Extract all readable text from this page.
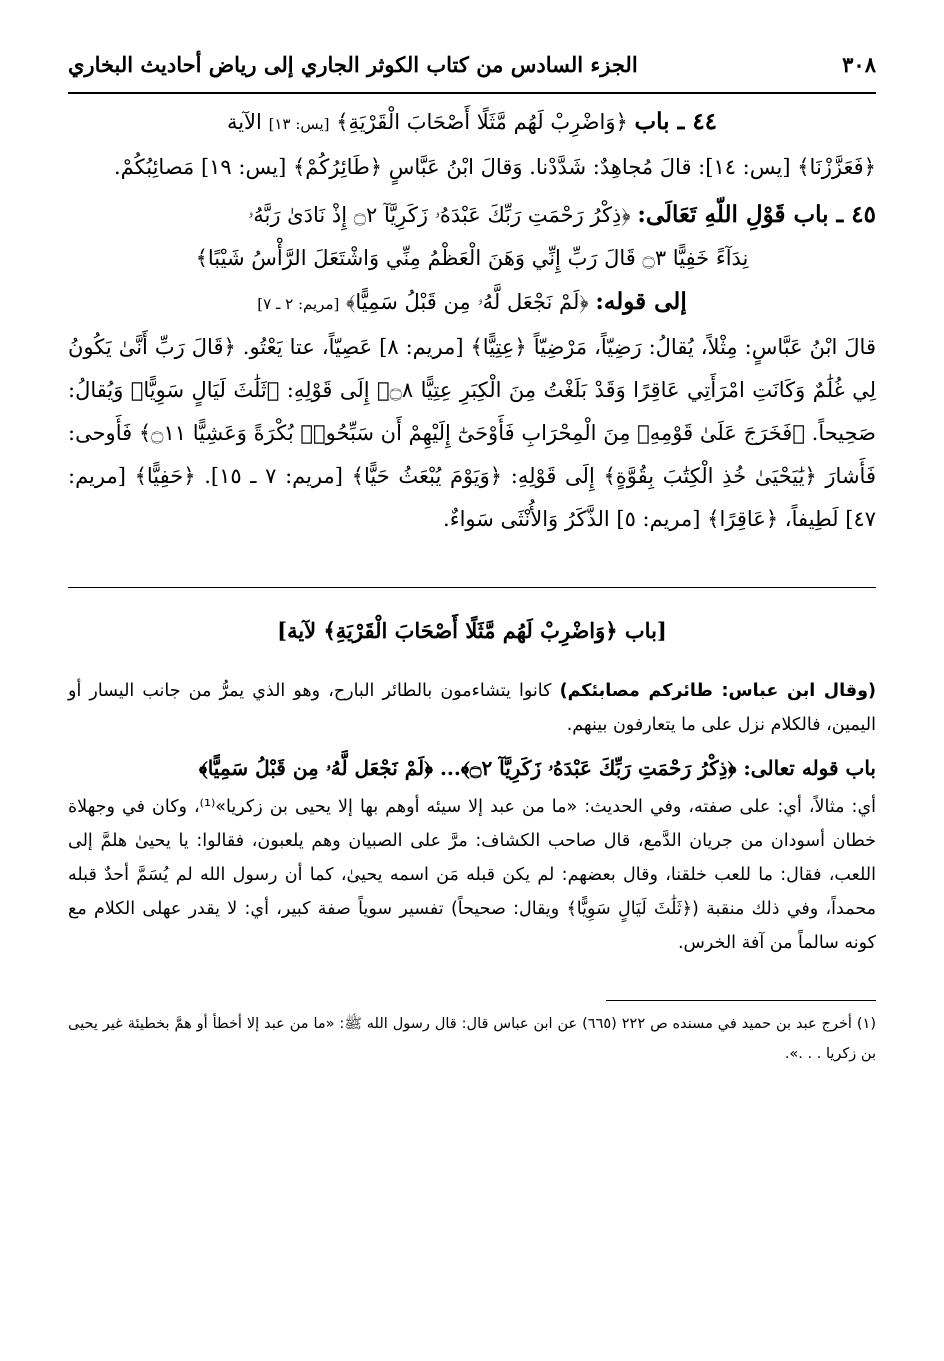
٣٠٨
الجزء السادس من كتاب الكوثر الجاري إلى رياض أحاديث البخاري

٤٤ ـ باب ﴿وَاضْرِبْ لَهُم مَّثَلًا أَصْحَابَ الْقَرْيَةِ﴾ [يس: ١٣] الآية

﴿فَعَزَّزْنَا﴾ [يس: ١٤]: قالَ مُجاهِدٌ: شَدَّدْنا. وَقالَ ابْنُ عَبَّاسٍ ﴿طَائِرُكُمْ﴾ [يس: ١٩] مَصائِبُكُمْ.

٤٥ ـ باب قَوْلِ اللّهِ تَعَالَى: ﴿ذِكْرُ رَحْمَتِ رَبِّكَ عَبْدَهُۥ زَكَرِيَّآ ۝٢ إِذْ نَادَىٰ رَبَّهُۥ

نِدَآءً خَفِيًّا ۝٣ قَالَ رَبِّ إِنِّي وَهَنَ الْعَظْمُ مِنِّي وَاشْتَعَلَ الرَّأْسُ شَيْبًا﴾

إلى قوله: ﴿لَمْ نَجْعَل لَّهُۥ مِن قَبْلُ سَمِيًّا﴾ [مريم: ٢ ـ ٧]

قالَ ابْنُ عَبَّاسٍ: مِثْلاً، يُقالُ: رَضِيّاً، مَرْضِيّاً ﴿عِتِيًّا﴾ [مريم: ٨] عَصِيّاً، عتا يَعْتُو. ﴿قَالَ رَبِّ أَنَّىٰ يَكُونُ لِي غُلَٰمٌ وَكَانَتِ امْرَأَتِي عَاقِرًا وَقَدْ بَلَغْتُ مِنَ الْكِبَرِ عِتِيًّا ۝٨﴾ إِلَى قَوْلِهِ: ﴿ثَلَٰثَ لَيَالٍ سَوِيًّا﴾ وَيُقالُ: صَحِيحاً. ﴿فَخَرَجَ عَلَىٰ قَوْمِهِۦ مِنَ الْمِحْرَابِ فَأَوْحَىٰٓ إِلَيْهِمْ أَن سَبِّحُوا۟ بُكْرَةً وَعَشِيًّا ۝١١﴾ فَأَوحى: فَأَشارَ ﴿يَٰيَحْيَىٰ خُذِ الْكِتَٰبَ بِقُوَّةٍ﴾ إِلَى قَوْلِهِ: ﴿وَيَوْمَ يُبْعَثُ حَيًّا﴾ [مريم: ٧ ـ ١٥]. ﴿حَفِيًّا﴾ [مريم: ٤٧] لَطِيفاً، ﴿عَاقِرًا﴾ [مريم: ٥] الذَّكَرُ وَالأُنْثَى سَواءٌ.

[باب ﴿وَاضْرِبْ لَهُم مَّثَلًا أَصْحَابَ الْقَرْيَةِ﴾ لآية]

(وقال ابن عباس: طائركم مصابئكم) كانوا يتشاءمون بالطائر البارح، وهو الذي يمرُّ من جانب اليسار أو اليمين، فالكلام نزل على ما يتعارفون بينهم.

باب قوله تعالى: ﴿ذِكْرُ رَحْمَتِ رَبِّكَ عَبْدَهُۥ زَكَرِيَّآ ۝٢﴾... ﴿لَمْ نَجْعَل لَّهُۥ مِن قَبْلُ سَمِيًّا﴾

أي: مثالاً، أي: على صفته، وفي الحديث: «ما من عبد إلا سيئه أوهم بها إلا يحيى بن زكريا»⁽¹⁾، وكان في وجهلاة خطان أسودان من جريان الدَّمع، قال صاحب الكشاف: مرَّ على الصبيان وهم يلعبون، فقالوا: يا يحيىٰ هلمَّ إلى اللعب، فقال: ما للعب خلقنا، وقال بعضهم: لم يكن قبله مَن اسمه يحيىٰ، كما أن رسول الله لم يُسَمَّ أحدٌ قبله محمداً، وفي ذلك منقبة (﴿ثَلَٰثَ لَيَالٍ سَوِيًّا﴾ ويقال: صحيحاً) تفسير سوياً صفة كبير، أي: لا يقدر عهلى الكلام مع كونه سالماً من آفة الخرس.

(١) أخرج عبد بن حميد في مسنده ص ٢٢٢ (٦٦٥) عن ابن عباس قال: قال رسول الله ﷺ: «ما من عبد إلا أخطأ أو همَّ بخطيئة غير يحيى بن زكريا . . .».
